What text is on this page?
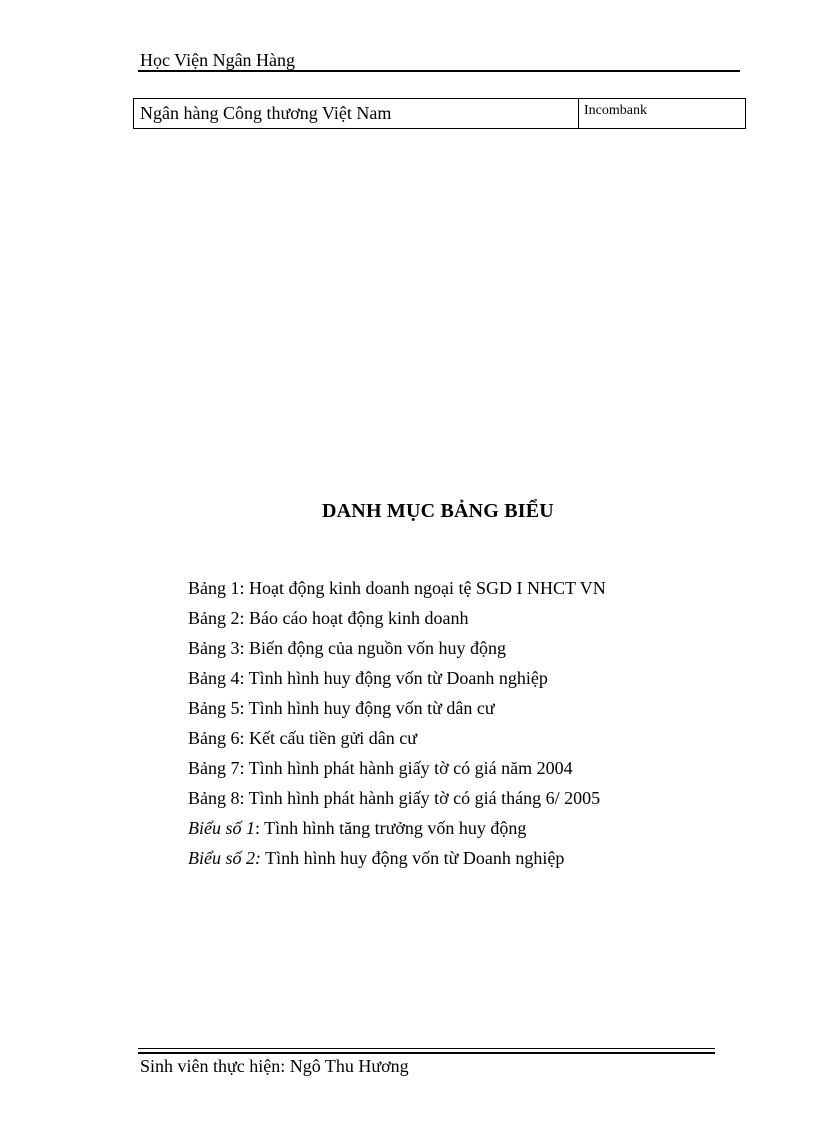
Học Viện Ngân Hàng
Ngân hàng Công thương Việt Nam	Incombank
DANH MỤC BẢNG BIỂU
Bảng 1: Hoạt động kinh doanh ngoại tệ SGD I NHCT VN
Bảng 2: Báo cáo hoạt động kinh doanh
Bảng 3: Biến động của nguồn vốn huy động
Bảng 4: Tình hình huy động vốn từ Doanh nghiệp
Bảng 5: Tình hình huy động vốn từ dân cư
Bảng 6: Kết cấu tiền gửi dân cư
Bảng 7: Tình hình phát hành giấy tờ có giá năm 2004
Bảng 8: Tình hình phát hành giấy tờ có giá tháng 6/ 2005
Biểu số 1: Tình hình tăng trưởng vốn huy động
Biểu số 2: Tình hình huy động vốn từ Doanh nghiệp
Sinh viên thực hiện: Ngô Thu Hương
